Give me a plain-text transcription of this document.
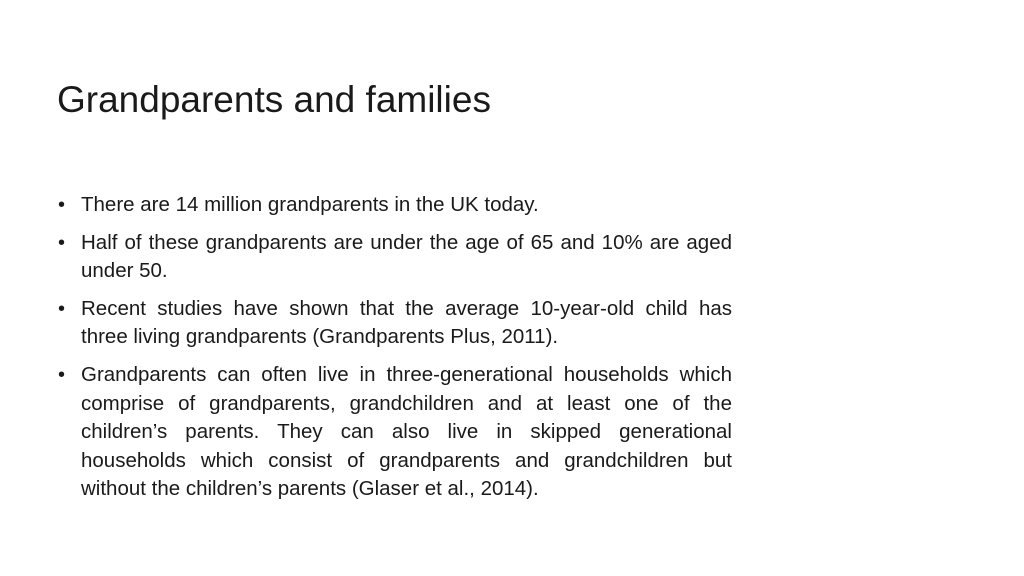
Grandparents and families
• There are 14 million grandparents in the UK today.
• Half of these grandparents are under the age of 65 and 10% are aged under 50.
• Recent studies have shown that the average 10-year-old child has three living grandparents (Grandparents Plus, 2011).
• Grandparents can often live in three-generational households which comprise of grandparents, grandchildren and at least one of the children’s parents. They can also live in skipped generational households which consist of grandparents and grandchildren but without the children’s parents (Glaser et al., 2014).
